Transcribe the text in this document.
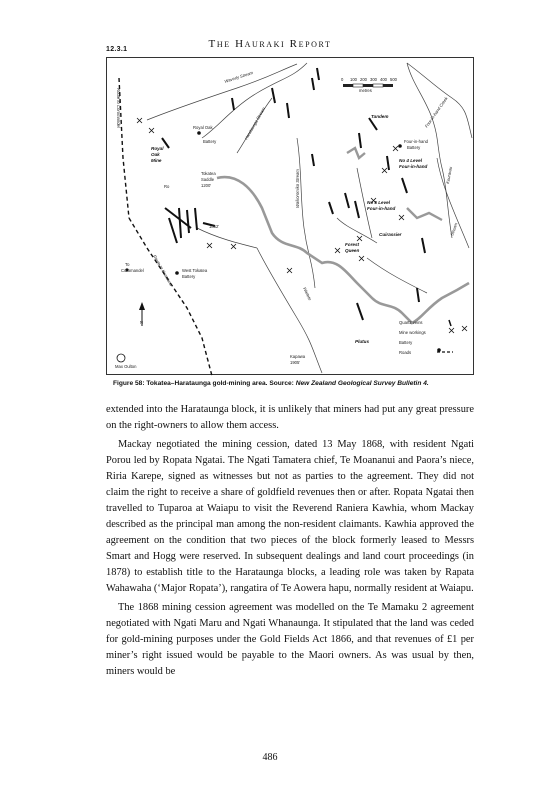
12.3.1	The Hauraki Report
0 100 200 300 400 500
metres
Waverly Stream
Harataunga Stream
Waikoromiko Stream	Kourarau
Stream
Waitete
Four-in-hand Creek
Route to Coromandel
Route to Kuaotunu
Royal Oak
Battery
Royal
Oak
Mine
Tokatea
Saddle
1200'
Ro
1852'
To
Coromandel	West Tokatea
Battery
Tandem
Four-in-hand
Battery
No 4 Level
Four-in-hand
No 5 Level
Four-in-hand
Cuirassier
Forest
Queen
Plutus
Kapawa
1905'
N
Max Oulton
Quartz veins
Mine workings
Battery
Roads
Figure 58: Tokatea–Harataunga gold-mining area. Source: New Zealand Geological Survey Bulletin 4.

extended into the Harataunga block, it is unlikely that miners had put any great pressure on the right-owners to allow them access.

Mackay negotiated the mining cession, dated 13 May 1868, with resident Ngati Porou led by Ropata Ngatai. The Ngati Tamatera chief, Te Moananui and Paora’s niece, Riria Karepe, signed as witnesses but not as parties to the agreement. They did not claim the right to receive a share of goldfield revenues then or after. Ropata Ngatai then travelled to Tuparoa at Waiapu to visit the Reverend Raniera Kawhia, whom Mackay described as the principal man among the non-resident claimants. Kawhia approved the agreement on the condition that two pieces of the block formerly leased to Messrs Smart and Hogg were reserved. In subsequent dealings and land court proceedings (in 1878) to establish title to the Harataunga blocks, a leading role was taken by Rapata Wahawaha (‘Major Ropata’), rangatira of Te Aowera hapu, normally resident at Waiapu.

The 1868 mining cession agreement was modelled on the Te Mamaku 2 agreement negotiated with Ngati Maru and Ngati Whanaunga. It stipulated that the land was ceded for gold-mining purposes under the Gold Fields Act 1866, and that revenues of £1 per miner’s right issued would be payable to the Maori owners. As was usual by then, miners would be

486
